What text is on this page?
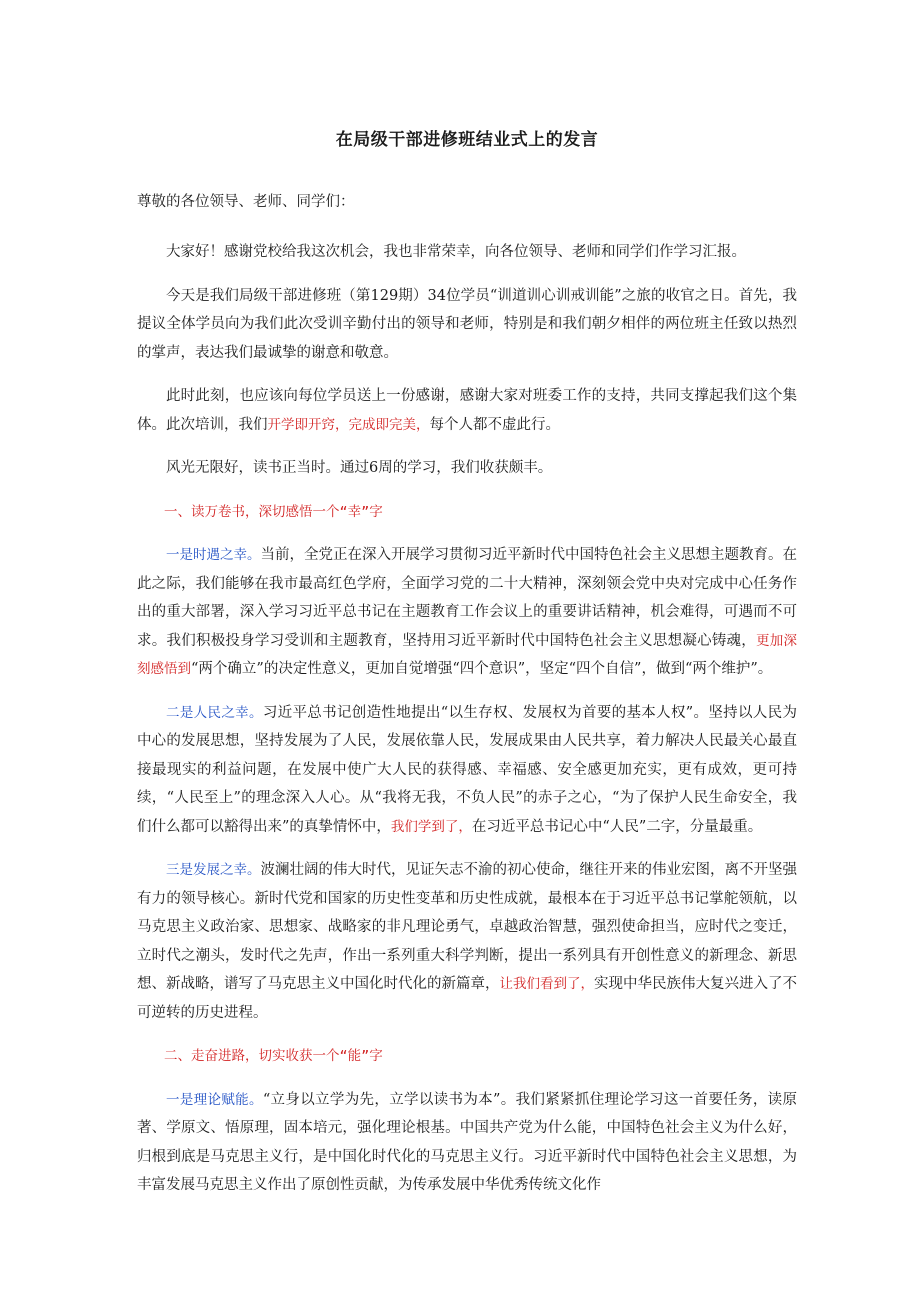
在局级干部进修班结业式上的发言
尊敬的各位领导、老师、同学们：

大家好！感谢党校给我这次机会，我也非常荣幸，向各位领导、老师和同学们作学习汇报。

今天是我们局级干部进修班（第129期）34位学员“训道训心训戒训能”之旅的收官之日。首先，我提议全体学员向为我们此次受训辛勤付出的领导和老师，特别是和我们朝夕相伴的两位班主任致以热烈的掌声，表达我们最诚挚的谢意和敬意。

此时此刻，也应该向每位学员送上一份感谢，感谢大家对班委工作的支持，共同支撑起我们这个集体。此次培训，我们开学即开窍，完成即完美，每个人都不虚此行。

风光无限好，读书正当时。通过6周的学习，我们收获颇丰。

一、读万卷书，深切感悟一个“幸”字

一是时遇之幸。当前，全党正在深入开展学习贯彻习近平新时代中国特色社会主义思想主题教育。在此之际，我们能够在我市最高红色学府，全面学习党的二十大精神，深刻领会党中央对完成中心任务作出的重大部署，深入学习习近平总书记在主题教育工作会议上的重要讲话精神，机会难得，可遇而不可求。我们积极投身学习受训和主题教育，坚持用习近平新时代中国特色社会主义思想凝心铸魂，更加深刻感悟到“两个确立”的决定性意义，更加自觉增强“四个意识”，坚定“四个自信”，做到“两个维护”。

二是人民之幸。习近平总书记创造性地提出“以生存权、发展权为首要的基本人权”。坚持以人民为中心的发展思想，坚持发展为了人民，发展依靠人民，发展成果由人民共享，着力解决人民最关心最直接最现实的利益问题，在发展中使广大人民的获得感、幸福感、安全感更加充实，更有成效，更可持续，“人民至上”的理念深入人心。从“我将无我，不负人民”的赤子之心，“为了保护人民生命安全，我们什么都可以豁得出来”的真挚情怀中，我们学到了，在习近平总书记心中“人民”二字，分量最重。

三是发展之幸。波澜壮阔的伟大时代，见证矢志不渝的初心使命，继往开来的伟业宏图，离不开坚强有力的领导核心。新时代党和国家的历史性变革和历史性成就，最根本在于习近平总书记掌舵领航，以马克思主义政治家、思想家、战略家的非凡理论勇气，卓越政治智慧，强烈使命担当，应时代之变迁，立时代之潮头，发时代之先声，作出一系列重大科学判断，提出一系列具有开创性意义的新理念、新思想、新战略，谱写了马克思主义中国化时代化的新篇章，让我们看到了，实现中华民族伟大复兴进入了不可逆转的历史进程。

二、走奋进路，切实收获一个“能”字

一是理论赋能。“立身以立学为先，立学以读书为本”。我们紧紧抓住理论学习这一首要任务，读原著、学原文、悟原理，固本培元，强化理论根基。中国共产党为什么能，中国特色社会主义为什么好，归根到底是马克思主义行，是中国化时代化的马克思主义行。习近平新时代中国特色社会主义思想，为丰富发展马克思主义作出了原创性贡献，为传承发展中华优秀传统文化作
